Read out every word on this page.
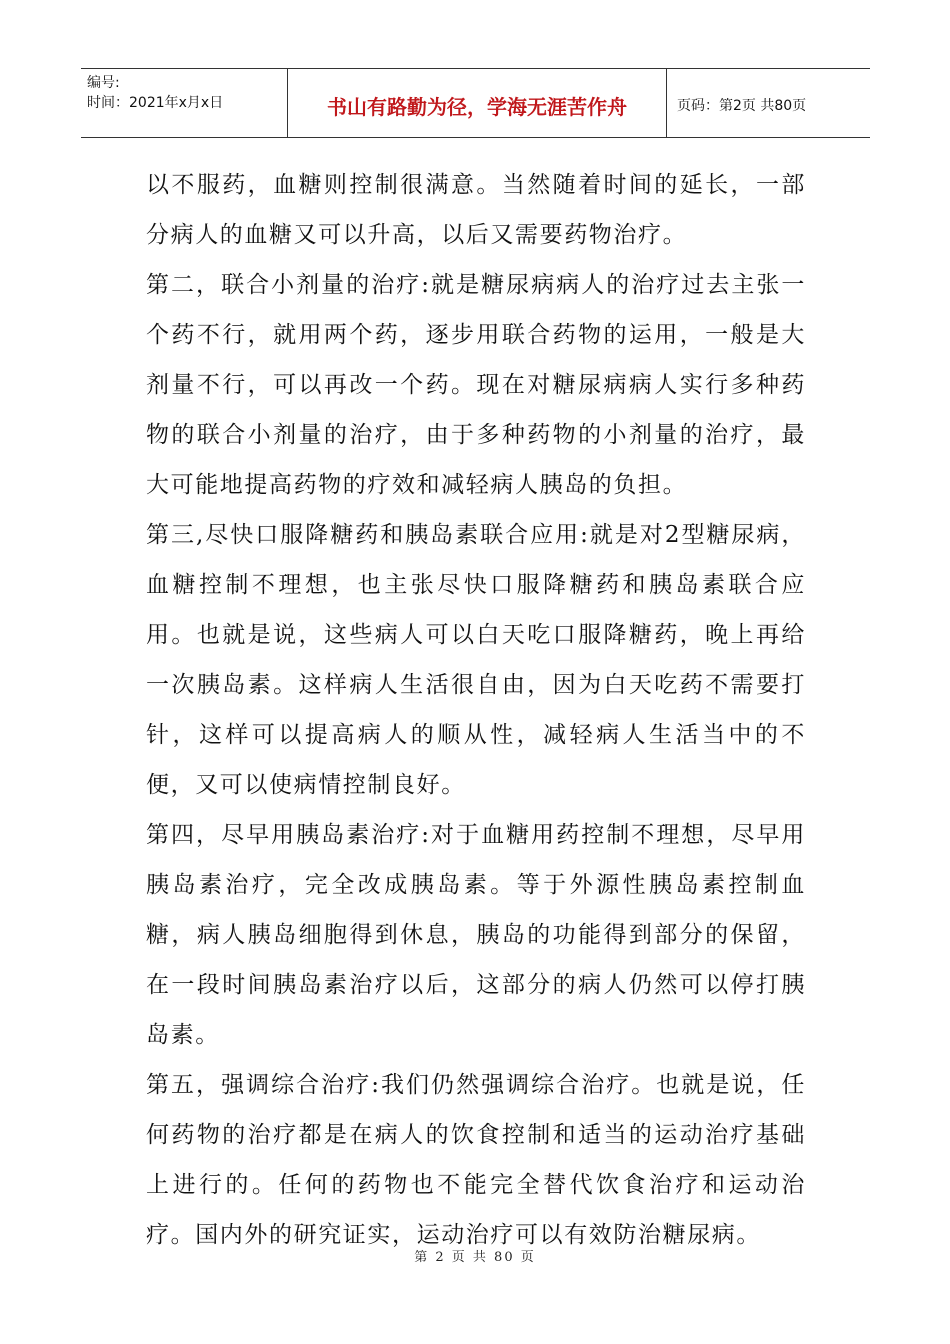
编号:
时间：2021年x月x日	书山有路勤为径，学海无涯苦作舟	页码：第2页 共80页

以不服药，血糖则控制很满意。当然随着时间的延长，一部分病人的血糖又可以升高，以后又需要药物治疗。

第二，联合小剂量的治疗:就是糖尿病病人的治疗过去主张一个药不行，就用两个药，逐步用联合药物的运用，一般是大剂量不行，可以再改一个药。现在对糖尿病病人实行多种药物的联合小剂量的治疗，由于多种药物的小剂量的治疗，最大可能地提高药物的疗效和减轻病人胰岛的负担。

第三,尽快口服降糖药和胰岛素联合应用:就是对2型糖尿病，血糖控制不理想，也主张尽快口服降糖药和胰岛素联合应用。也就是说，这些病人可以白天吃口服降糖药，晚上再给一次胰岛素。这样病人生活很自由，因为白天吃药不需要打针，这样可以提高病人的顺从性，减轻病人生活当中的不便，又可以使病情控制良好。

第四，尽早用胰岛素治疗:对于血糖用药控制不理想，尽早用胰岛素治疗，完全改成胰岛素。等于外源性胰岛素控制血糖，病人胰岛细胞得到休息，胰岛的功能得到部分的保留，在一段时间胰岛素治疗以后，这部分的病人仍然可以停打胰岛素。

第五，强调综合治疗:我们仍然强调综合治疗。也就是说，任何药物的治疗都是在病人的饮食控制和适当的运动治疗基础上进行的。任何的药物也不能完全替代饮食治疗和运动治疗。国内外的研究证实，运动治疗可以有效防治糖尿病。

第 2 页 共 80 页
